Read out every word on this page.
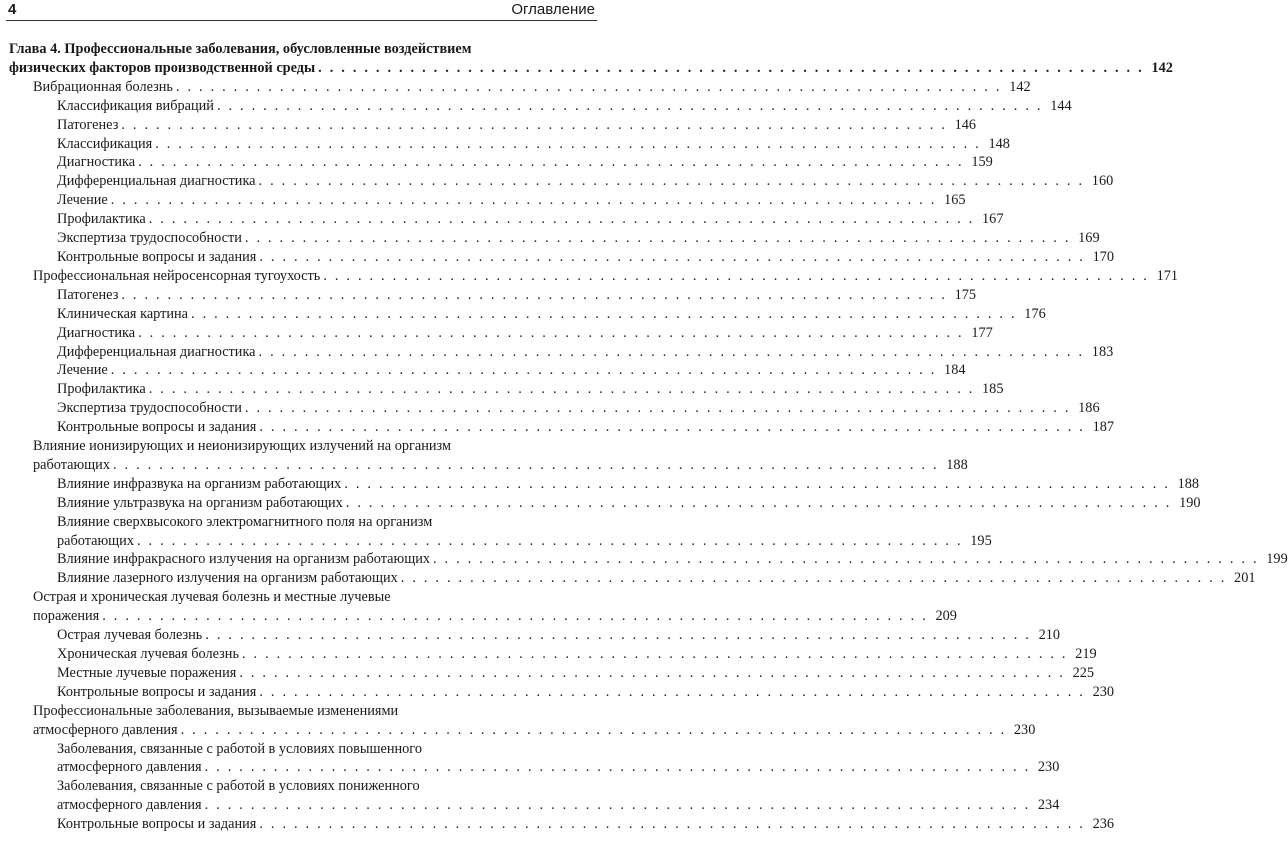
4	Оглавление
Глава 4. Профессиональные заболевания, обусловленные воздействием
физических факторов производственной среды . . . . . . . . . . . . . . . . . . . . . . . . . . . . . . . . . . . . . . . . . . . . . . . . . . . . . . . . . . . . . . . . . . . . . . . . 142
Вибрационная болезнь . . . . . . . . . . . . . . . . . . . . . . . . . . . . . . . . . . . . . . . . . . . . . . . . . . . . . . . . . . . . . . . . . . . . . . . . 142
Классификация вибраций . . . . . . . . . . . . . . . . . . . . . . . . . . . . . . . . . . . . . . . . . . . . . . . . . . . . . . . . . . . . . . . . . . . . . . . . 144
Патогенез . . . . . . . . . . . . . . . . . . . . . . . . . . . . . . . . . . . . . . . . . . . . . . . . . . . . . . . . . . . . . . . . . . . . . . . . 146
Классификация . . . . . . . . . . . . . . . . . . . . . . . . . . . . . . . . . . . . . . . . . . . . . . . . . . . . . . . . . . . . . . . . . . . . . . . . 148
Диагностика . . . . . . . . . . . . . . . . . . . . . . . . . . . . . . . . . . . . . . . . . . . . . . . . . . . . . . . . . . . . . . . . . . . . . . . . 159
Дифференциальная диагностика . . . . . . . . . . . . . . . . . . . . . . . . . . . . . . . . . . . . . . . . . . . . . . . . . . . . . . . . . . . . . . . . . . . . . . . . 160
Лечение . . . . . . . . . . . . . . . . . . . . . . . . . . . . . . . . . . . . . . . . . . . . . . . . . . . . . . . . . . . . . . . . . . . . . . . . 165
Профилактика . . . . . . . . . . . . . . . . . . . . . . . . . . . . . . . . . . . . . . . . . . . . . . . . . . . . . . . . . . . . . . . . . . . . . . . . 167
Экспертиза трудоспособности . . . . . . . . . . . . . . . . . . . . . . . . . . . . . . . . . . . . . . . . . . . . . . . . . . . . . . . . . . . . . . . . . . . . . . . . 169
Контрольные вопросы и задания . . . . . . . . . . . . . . . . . . . . . . . . . . . . . . . . . . . . . . . . . . . . . . . . . . . . . . . . . . . . . . . . . . . . . . . . 170
Профессиональная нейросенсорная тугоухость . . . . . . . . . . . . . . . . . . . . . . . . . . . . . . . . . . . . . . . . . . . . . . . . . . . . . . . . . . . . . . . . . . . . . . . . 171
Патогенез . . . . . . . . . . . . . . . . . . . . . . . . . . . . . . . . . . . . . . . . . . . . . . . . . . . . . . . . . . . . . . . . . . . . . . . . 175
Клиническая картина . . . . . . . . . . . . . . . . . . . . . . . . . . . . . . . . . . . . . . . . . . . . . . . . . . . . . . . . . . . . . . . . . . . . . . . . 176
Диагностика . . . . . . . . . . . . . . . . . . . . . . . . . . . . . . . . . . . . . . . . . . . . . . . . . . . . . . . . . . . . . . . . . . . . . . . . 177
Дифференциальная диагностика . . . . . . . . . . . . . . . . . . . . . . . . . . . . . . . . . . . . . . . . . . . . . . . . . . . . . . . . . . . . . . . . . . . . . . . . 183
Лечение . . . . . . . . . . . . . . . . . . . . . . . . . . . . . . . . . . . . . . . . . . . . . . . . . . . . . . . . . . . . . . . . . . . . . . . . 184
Профилактика . . . . . . . . . . . . . . . . . . . . . . . . . . . . . . . . . . . . . . . . . . . . . . . . . . . . . . . . . . . . . . . . . . . . . . . . 185
Экспертиза трудоспособности . . . . . . . . . . . . . . . . . . . . . . . . . . . . . . . . . . . . . . . . . . . . . . . . . . . . . . . . . . . . . . . . . . . . . . . . 186
Контрольные вопросы и задания . . . . . . . . . . . . . . . . . . . . . . . . . . . . . . . . . . . . . . . . . . . . . . . . . . . . . . . . . . . . . . . . . . . . . . . . 187
Влияние ионизирующих и неионизирующих излучений на организм
работающих . . . . . . . . . . . . . . . . . . . . . . . . . . . . . . . . . . . . . . . . . . . . . . . . . . . . . . . . . . . . . . . . . . . . . . . . 188
Влияние инфразвука на организм работающих . . . . . . . . . . . . . . . . . . . . . . . . . . . . . . . . . . . . . . . . . . . . . . . . . . . . . . . . . . . . . . . . . . . . . . . . 188
Влияние ультразвука на организм работающих . . . . . . . . . . . . . . . . . . . . . . . . . . . . . . . . . . . . . . . . . . . . . . . . . . . . . . . . . . . . . . . . . . . . . . . . 190
Влияние сверхвысокого электромагнитного поля на организм
работающих . . . . . . . . . . . . . . . . . . . . . . . . . . . . . . . . . . . . . . . . . . . . . . . . . . . . . . . . . . . . . . . . . . . . . . . . 195
Влияние инфракрасного излучения на организм работающих . . . . . . . . . . . . . . . . . . . . . . . . . . . . . . . . . . . . . . . . . . . . . . . . . . . . . . . . . . . . . . . . . . . . . . . . 199
Влияние лазерного излучения на организм работающих . . . . . . . . . . . . . . . . . . . . . . . . . . . . . . . . . . . . . . . . . . . . . . . . . . . . . . . . . . . . . . . . . . . . . . . . 201
Острая и хроническая лучевая болезнь и местные лучевые
поражения . . . . . . . . . . . . . . . . . . . . . . . . . . . . . . . . . . . . . . . . . . . . . . . . . . . . . . . . . . . . . . . . . . . . . . . . 209
Острая лучевая болезнь . . . . . . . . . . . . . . . . . . . . . . . . . . . . . . . . . . . . . . . . . . . . . . . . . . . . . . . . . . . . . . . . . . . . . . . . 210
Хроническая лучевая болезнь . . . . . . . . . . . . . . . . . . . . . . . . . . . . . . . . . . . . . . . . . . . . . . . . . . . . . . . . . . . . . . . . . . . . . . . . 219
Местные лучевые поражения . . . . . . . . . . . . . . . . . . . . . . . . . . . . . . . . . . . . . . . . . . . . . . . . . . . . . . . . . . . . . . . . . . . . . . . . 225
Контрольные вопросы и задания . . . . . . . . . . . . . . . . . . . . . . . . . . . . . . . . . . . . . . . . . . . . . . . . . . . . . . . . . . . . . . . . . . . . . . . . 230
Профессиональные заболевания, вызываемые изменениями
атмосферного давления . . . . . . . . . . . . . . . . . . . . . . . . . . . . . . . . . . . . . . . . . . . . . . . . . . . . . . . . . . . . . . . . . . . . . . . . 230
Заболевания, связанные с работой в условиях повышенного
атмосферного давления . . . . . . . . . . . . . . . . . . . . . . . . . . . . . . . . . . . . . . . . . . . . . . . . . . . . . . . . . . . . . . . . . . . . . . . . 230
Заболевания, связанные с работой в условиях пониженного
атмосферного давления . . . . . . . . . . . . . . . . . . . . . . . . . . . . . . . . . . . . . . . . . . . . . . . . . . . . . . . . . . . . . . . . . . . . . . . . 234
Контрольные вопросы и задания . . . . . . . . . . . . . . . . . . . . . . . . . . . . . . . . . . . . . . . . . . . . . . . . . . . . . . . . . . . . . . . . . . . . . . . . 236
